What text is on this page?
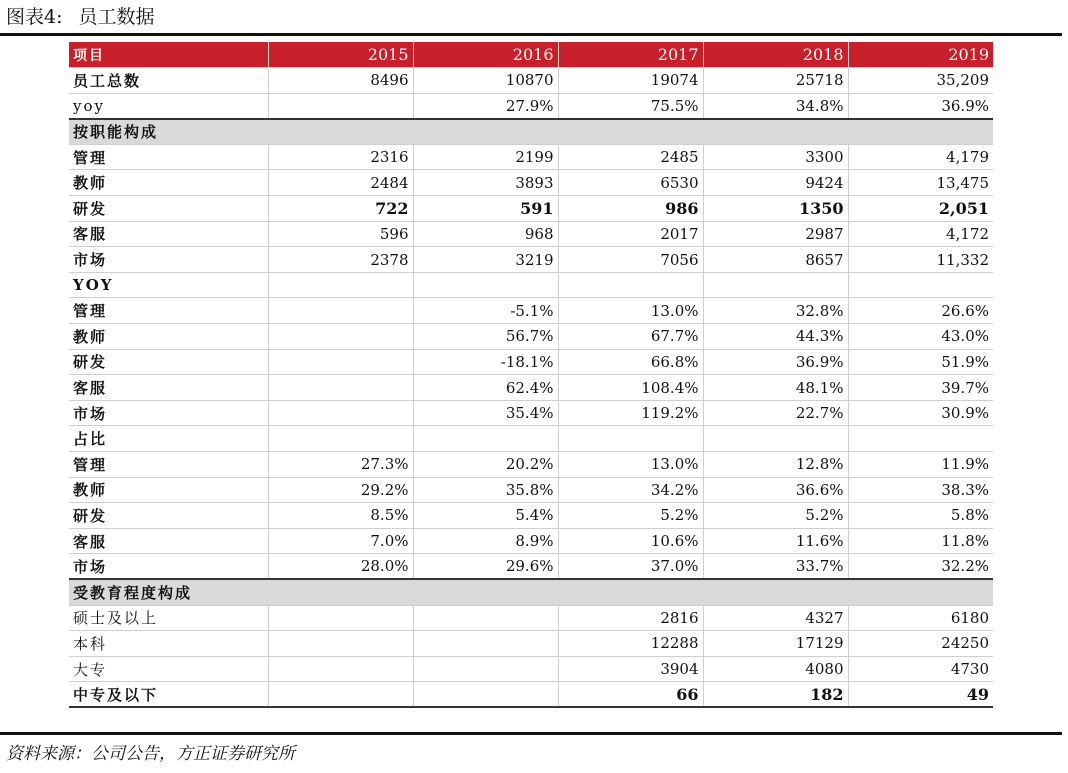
图表4: 员工数据
项目	2015	2016	2017	2018	2019
员工总数	8496	10870	19074	25718	35,209
yoy		27.9%	75.5%	34.8%	36.9%
按职能构成					
管理	2316	2199	2485	3300	4,179
教师	2484	3893	6530	9424	13,475
研发	722	591	986	1350	2,051
客服	596	968	2017	2987	4,172
市场	2378	3219	7056	8657	11,332
YOY					
管理		-5.1%	13.0%	32.8%	26.6%
教师		56.7%	67.7%	44.3%	43.0%
研发		-18.1%	66.8%	36.9%	51.9%
客服		62.4%	108.4%	48.1%	39.7%
市场		35.4%	119.2%	22.7%	30.9%
占比					
管理	27.3%	20.2%	13.0%	12.8%	11.9%
教师	29.2%	35.8%	34.2%	36.6%	38.3%
研发	8.5%	5.4%	5.2%	5.2%	5.8%
客服	7.0%	8.9%	10.6%	11.6%	11.8%
市场	28.0%	29.6%	37.0%	33.7%	32.2%
受教育程度构成					
硕士及以上			2816	4327	6180
本科			12288	17129	24250
大专			3904	4080	4730
中专及以下			66	182	49
资料来源：公司公告，方正证券研究所
